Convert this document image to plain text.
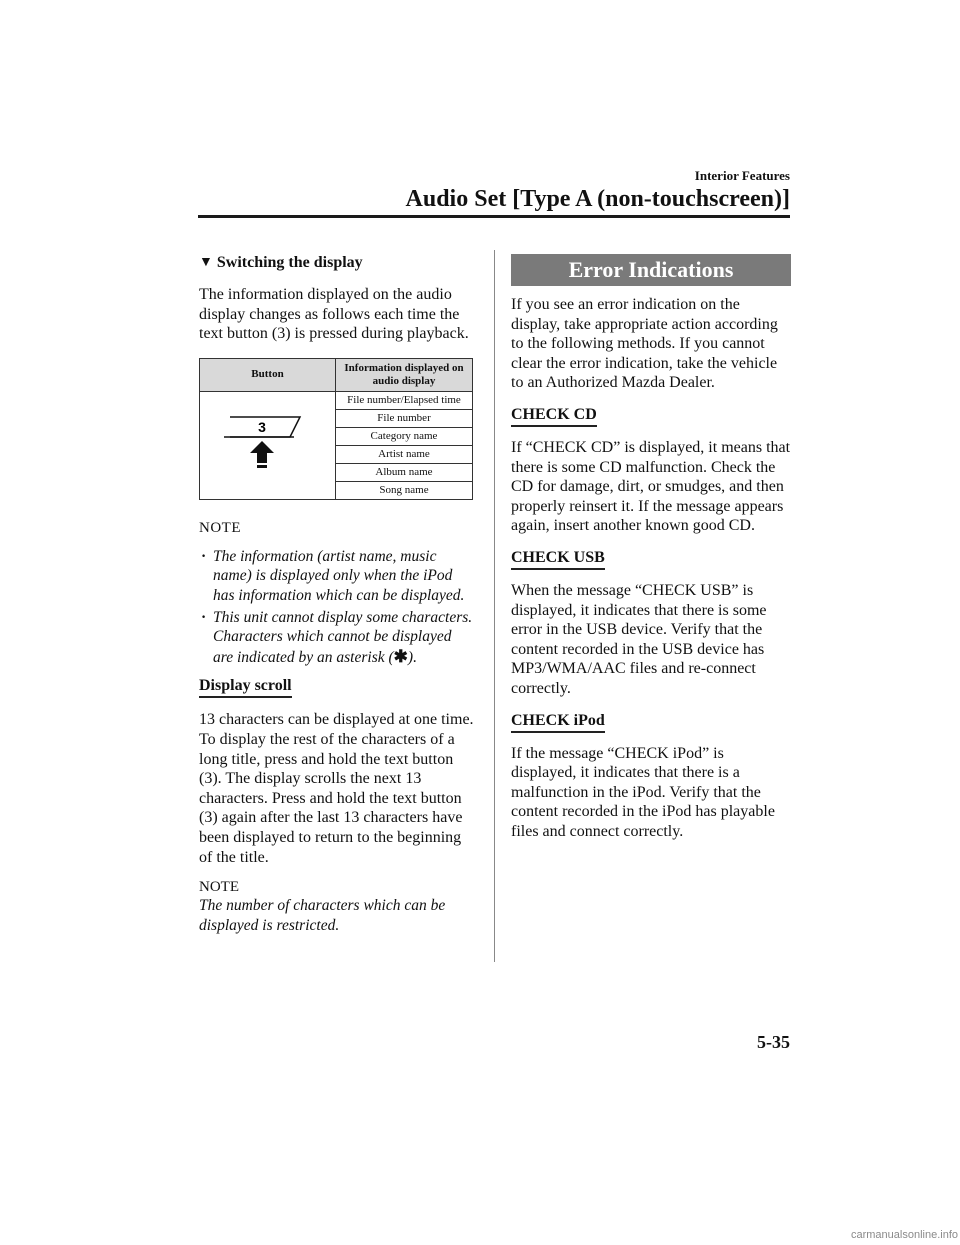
Interior Features
Audio Set [Type A (non-touchscreen)]
▼ Switching the display

The information displayed on the audio display changes as follows each time the text button (3) is pressed during playback.

Button	Information displayed on audio display

3	File number/Elapsed time
	File number
	Category name
	Artist name
	Album name
	Song name
NOTE
· The information (artist name, music name) is displayed only when the iPod has information which can be displayed.
· This unit cannot display some characters. Characters which cannot be displayed are indicated by an asterisk (✱).
Display scroll

13 characters can be displayed at one time. To display the rest of the characters of a long title, press and hold the text button (3). The display scrolls the next 13 characters. Press and hold the text button (3) again after the last 13 characters have been displayed to return to the beginning of the title.

NOTE

The number of characters which can be displayed is restricted.

Error Indications

If you see an error indication on the display, take appropriate action according to the following methods. If you cannot clear the error indication, take the vehicle to an Authorized Mazda Dealer.

CHECK CD

If “CHECK CD” is displayed, it means that there is some CD malfunction. Check the CD for damage, dirt, or smudges, and then properly reinsert it. If the message appears again, insert another known good CD.

CHECK USB

When the message “CHECK USB” is displayed, it indicates that there is some error in the USB device. Verify that the content recorded in the USB device has MP3/WMA/AAC files and re-connect correctly.

CHECK iPod

If the message “CHECK iPod” is displayed, it indicates that there is a malfunction in the iPod. Verify that the content recorded in the iPod has playable files and connect correctly.

5-35
carmanualsonline.info
